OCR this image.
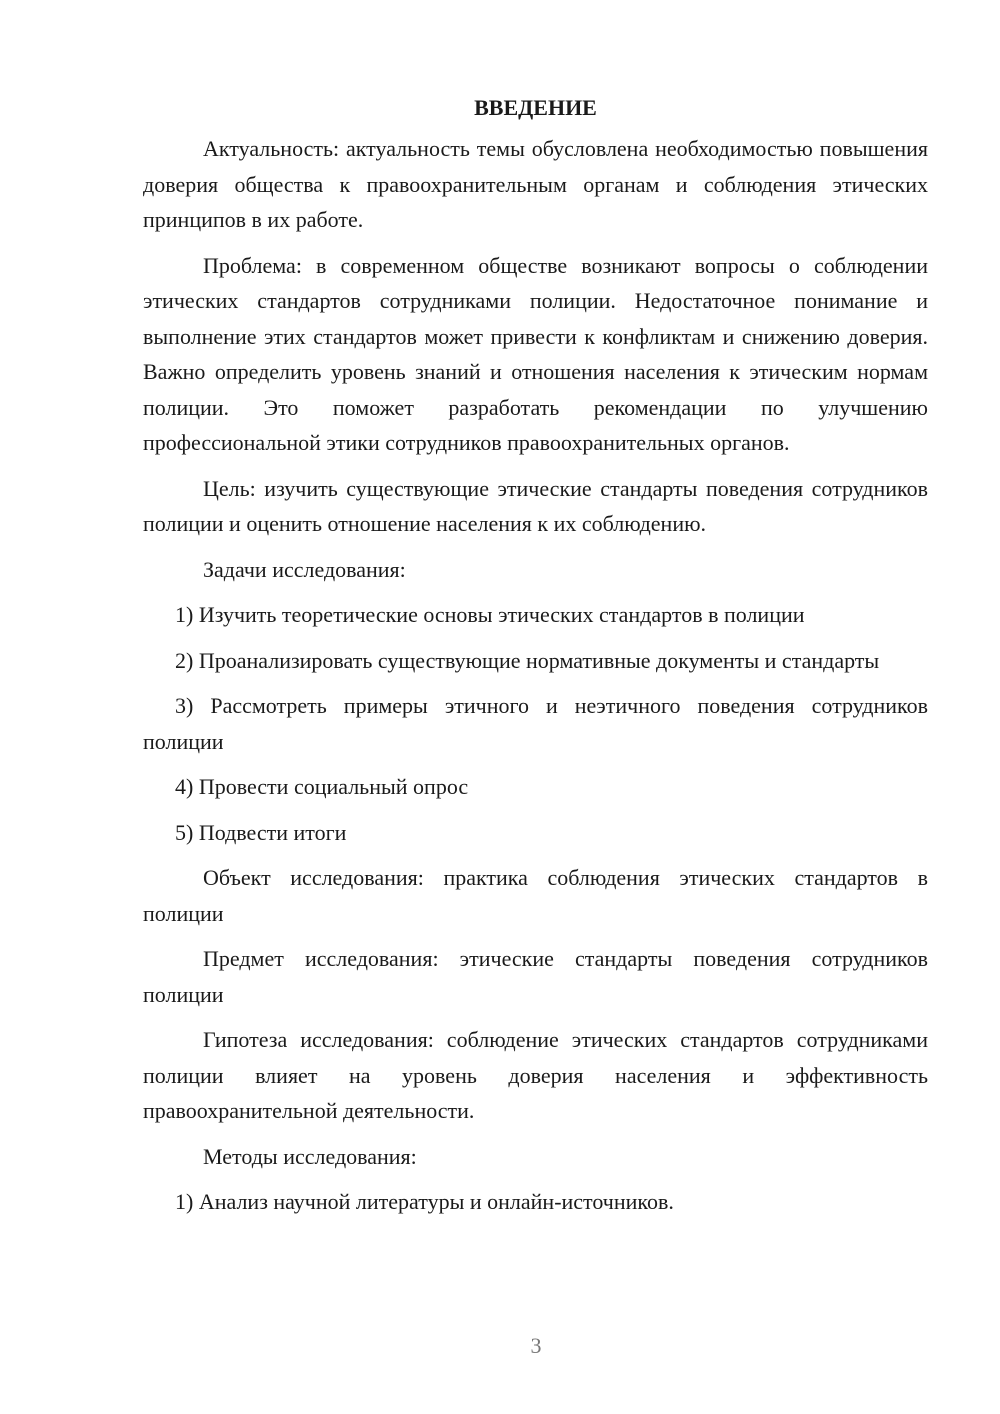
ВВЕДЕНИЕ

Актуальность: актуальность темы обусловлена необходимостью повышения доверия общества к правоохранительным органам и соблюдения этических принципов в их работе.

Проблема: в современном обществе возникают вопросы о соблюдении этических стандартов сотрудниками полиции. Недостаточное понимание и выполнение этих стандартов может привести к конфликтам и снижению доверия. Важно определить уровень знаний и отношения населения к этическим нормам полиции. Это поможет разработать рекомендации по улучшению профессиональной этики сотрудников правоохранительных органов.

Цель: изучить существующие этические стандарты поведения сотрудников полиции и оценить отношение населения к их соблюдению.

Задачи исследования:

1) Изучить теоретические основы этических стандартов в полиции

2) Проанализировать существующие нормативные документы и стандарты

3) Рассмотреть примеры этичного и неэтичного поведения сотрудников полиции

4) Провести социальный опрос

5) Подвести итоги

Объект исследования: практика соблюдения этических стандартов в полиции

Предмет исследования: этические стандарты поведения сотрудников полиции

Гипотеза исследования: соблюдение этических стандартов сотрудниками полиции влияет на уровень доверия населения и эффективность правоохранительной деятельности.

Методы исследования:

1) Анализ научной литературы и онлайн-источников.

3
